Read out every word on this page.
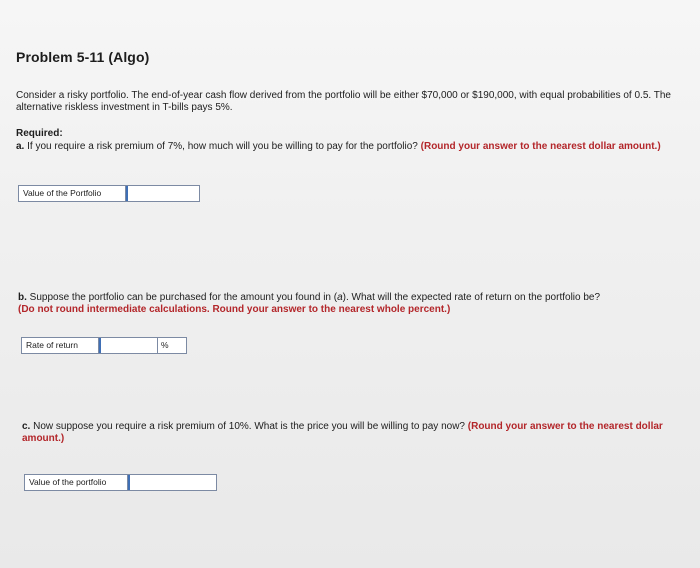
Problem 5-11 (Algo)
Consider a risky portfolio. The end-of-year cash flow derived from the portfolio will be either $70,000 or $190,000, with equal probabilities of 0.5. The alternative riskless investment in T-bills pays 5%.
Required:
a. If you require a risk premium of 7%, how much will you be willing to pay for the portfolio? (Round your answer to the nearest dollar amount.)
Value of the Portfolio
b. Suppose the portfolio can be purchased for the amount you found in (a). What will the expected rate of return on the portfolio be?
(Do not round intermediate calculations. Round your answer to the nearest whole percent.)
Rate of return	%
c. Now suppose you require a risk premium of 10%. What is the price you will be willing to pay now? (Round your answer to the nearest dollar amount.)
Value of the portfolio
